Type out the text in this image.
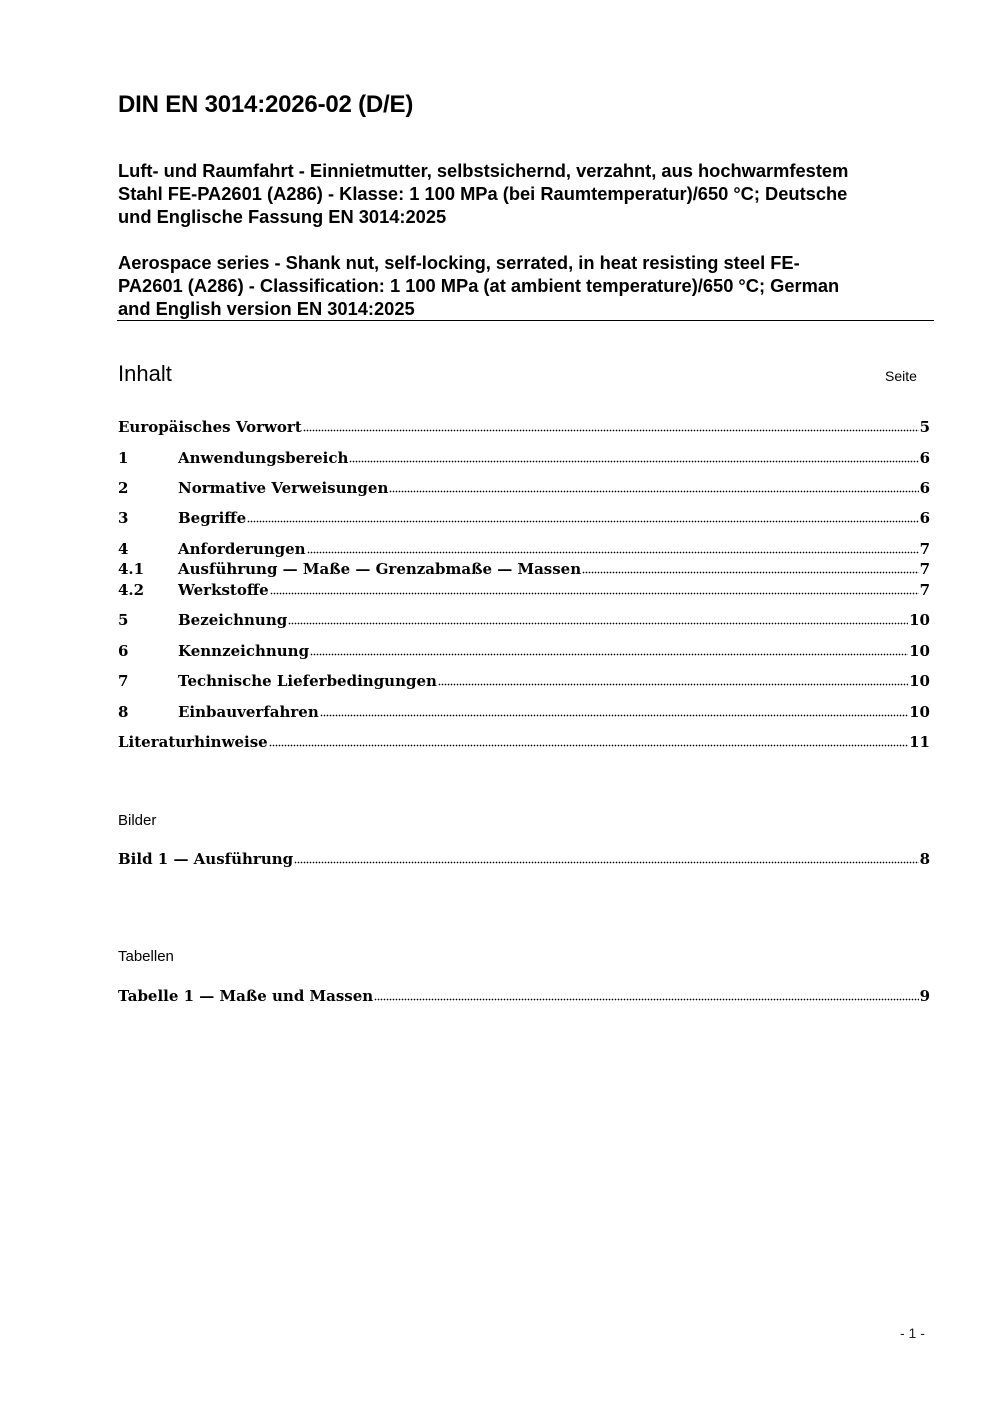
DIN EN 3014:2026-02 (D/E)
Luft- und Raumfahrt - Einnietmutter, selbstsichernd, verzahnt, aus hochwarmfestem
Stahl FE-PA2601 (A286) - Klasse: 1 100 MPa (bei Raumtemperatur)/650 °C; Deutsche
und Englische Fassung EN 3014:2025
Aerospace series - Shank nut, self-locking, serrated, in heat resisting steel FE-
PA2601 (A286) - Classification: 1 100 MPa (at ambient temperature)/650 °C; German
and English version EN 3014:2025
Inhalt	Seite
Europäisches Vorwort	5
1	Anwendungsbereich	6
2	Normative Verweisungen	6
3	Begriffe	6
4	Anforderungen	7
4.1	Ausführung — Maße — Grenzabmaße — Massen	7
4.2	Werkstoffe	7
5	Bezeichnung	10
6	Kennzeichnung	10
7	Technische Lieferbedingungen	10
8	Einbauverfahren	10
Literaturhinweise	11
Bilder
Bild 1 — Ausführung	8
Tabellen
Tabelle 1 — Maße und Massen	9
- 1 -
